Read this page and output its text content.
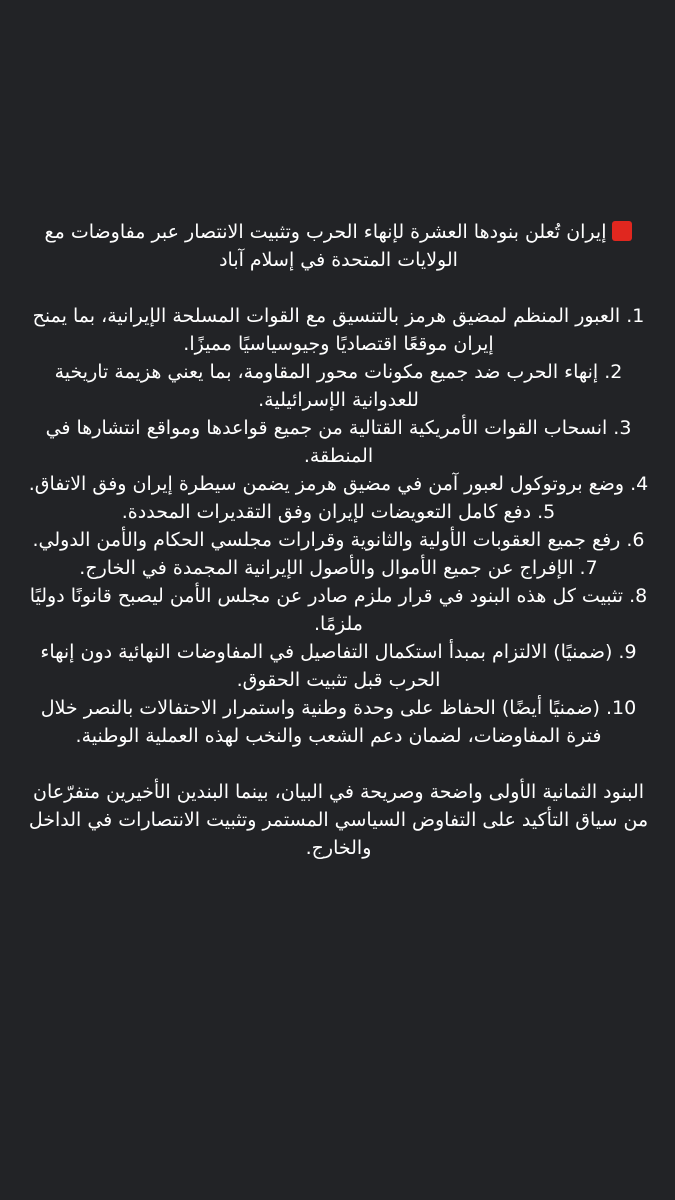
إيران تُعلن بنودها العشرة لإنهاء الحرب وتثبيت الانتصار عبر مفاوضات مع الولايات المتحدة في إسلام آباد

1. العبور المنظم لمضيق هرمز بالتنسيق مع القوات المسلحة الإيرانية، بما يمنح إيران موقعًا اقتصاديًا وجيوسياسيًا مميزًا.
2. إنهاء الحرب ضد جميع مكونات محور المقاومة، بما يعني هزيمة تاريخية للعدوانية الإسرائيلية.
3. انسحاب القوات الأمريكية القتالية من جميع قواعدها ومواقع انتشارها في المنطقة.
4. وضع بروتوكول لعبور آمن في مضيق هرمز يضمن سيطرة إيران وفق الاتفاق.
5. دفع كامل التعويضات لإيران وفق التقديرات المحددة.
6. رفع جميع العقوبات الأولية والثانوية وقرارات مجلسي الحكام والأمن الدولي.
7. الإفراج عن جميع الأموال والأصول الإيرانية المجمدة في الخارج.
8. تثبيت كل هذه البنود في قرار ملزم صادر عن مجلس الأمن ليصبح قانونًا دوليًا ملزمًا.
9. (ضمنيًا) الالتزام بمبدأ استكمال التفاصيل في المفاوضات النهائية دون إنهاء الحرب قبل تثبيت الحقوق.
10. (ضمنيًا أيضًا) الحفاظ على وحدة وطنية واستمرار الاحتفالات بالنصر خلال فترة المفاوضات، لضمان دعم الشعب والنخب لهذه العملية الوطنية.

البنود الثمانية الأولى واضحة وصريحة في البيان، بينما البندين الأخيرين متفرّعان من سياق التأكيد على التفاوض السياسي المستمر وتثبيت الانتصارات في الداخل والخارج.
